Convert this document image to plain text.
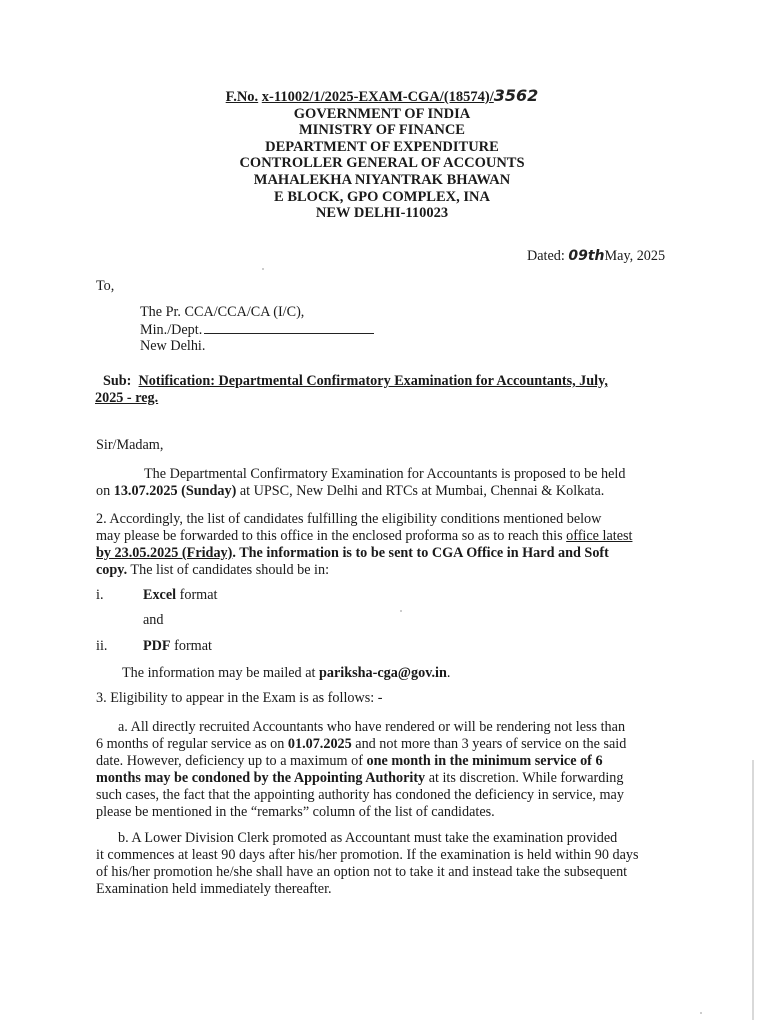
F.No. x-11002/1/2025-EXAM-CGA/(18574)/3562
GOVERNMENT OF INDIA
MINISTRY OF FINANCE
DEPARTMENT OF EXPENDITURE
CONTROLLER GENERAL OF ACCOUNTS
MAHALEKHA NIYANTRAK BHAWAN
E BLOCK, GPO COMPLEX, INA
NEW DELHI-110023
Dated: 09thMay, 2025
To,
The Pr. CCA/CCA/CA (I/C),
Min./Dept.
New Delhi.
Sub: Notification: Departmental Confirmatory Examination for Accountants, July,
2025 - reg.
Sir/Madam,
The Departmental Confirmatory Examination for Accountants is proposed to be held
on 13.07.2025 (Sunday) at UPSC, New Delhi and RTCs at Mumbai, Chennai & Kolkata.
2. Accordingly, the list of candidates fulfilling the eligibility conditions mentioned below
may please be forwarded to this office in the enclosed proforma so as to reach this office latest
by 23.05.2025 (Friday). The information is to be sent to CGA Office in Hard and Soft
copy. The list of candidates should be in:
i.	Excel format
and
ii.	PDF format
The information may be mailed at pariksha-cga@gov.in.
3. Eligibility to appear in the Exam is as follows: -
a. All directly recruited Accountants who have rendered or will be rendering not less than
6 months of regular service as on 01.07.2025 and not more than 3 years of service on the said
date. However, deficiency up to a maximum of one month in the minimum service of 6
months may be condoned by the Appointing Authority at its discretion. While forwarding
such cases, the fact that the appointing authority has condoned the deficiency in service, may
please be mentioned in the “remarks” column of the list of candidates.
b. A Lower Division Clerk promoted as Accountant must take the examination provided
it commences at least 90 days after his/her promotion. If the examination is held within 90 days
of his/her promotion he/she shall have an option not to take it and instead take the subsequent
Examination held immediately thereafter.
